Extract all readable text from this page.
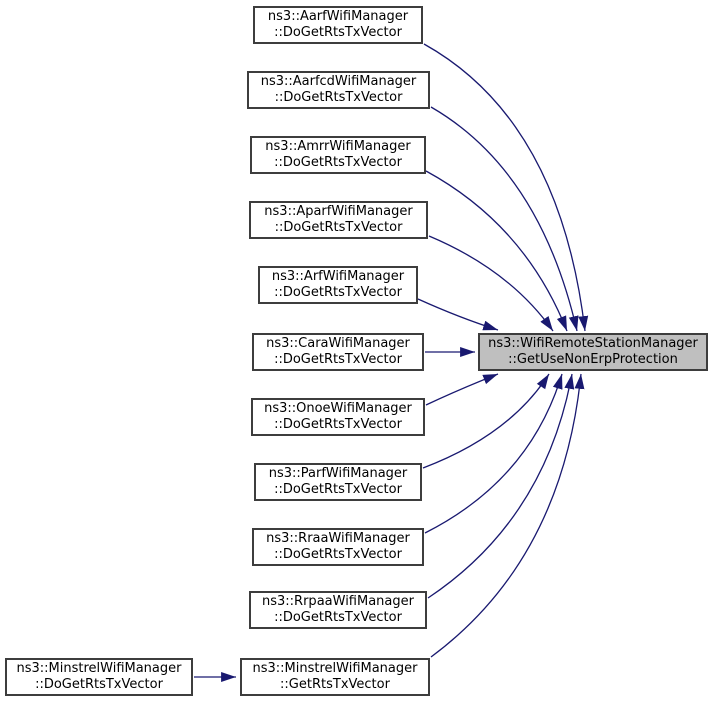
ns3::AarfWifiManager
::DoGetRtsTxVector
ns3::AarfcdWifiManager
::DoGetRtsTxVector
ns3::AmrrWifiManager
::DoGetRtsTxVector
ns3::AparfWifiManager
::DoGetRtsTxVector
ns3::ArfWifiManager
::DoGetRtsTxVector
ns3::CaraWifiManager
::DoGetRtsTxVector
ns3::OnoeWifiManager
::DoGetRtsTxVector
ns3::ParfWifiManager
::DoGetRtsTxVector
ns3::RraaWifiManager
::DoGetRtsTxVector
ns3::RrpaaWifiManager
::DoGetRtsTxVector
ns3::MinstrelWifiManager
::DoGetRtsTxVector
ns3::MinstrelWifiManager
::GetRtsTxVector
ns3::WifiRemoteStationManager
::GetUseNonErpProtection
